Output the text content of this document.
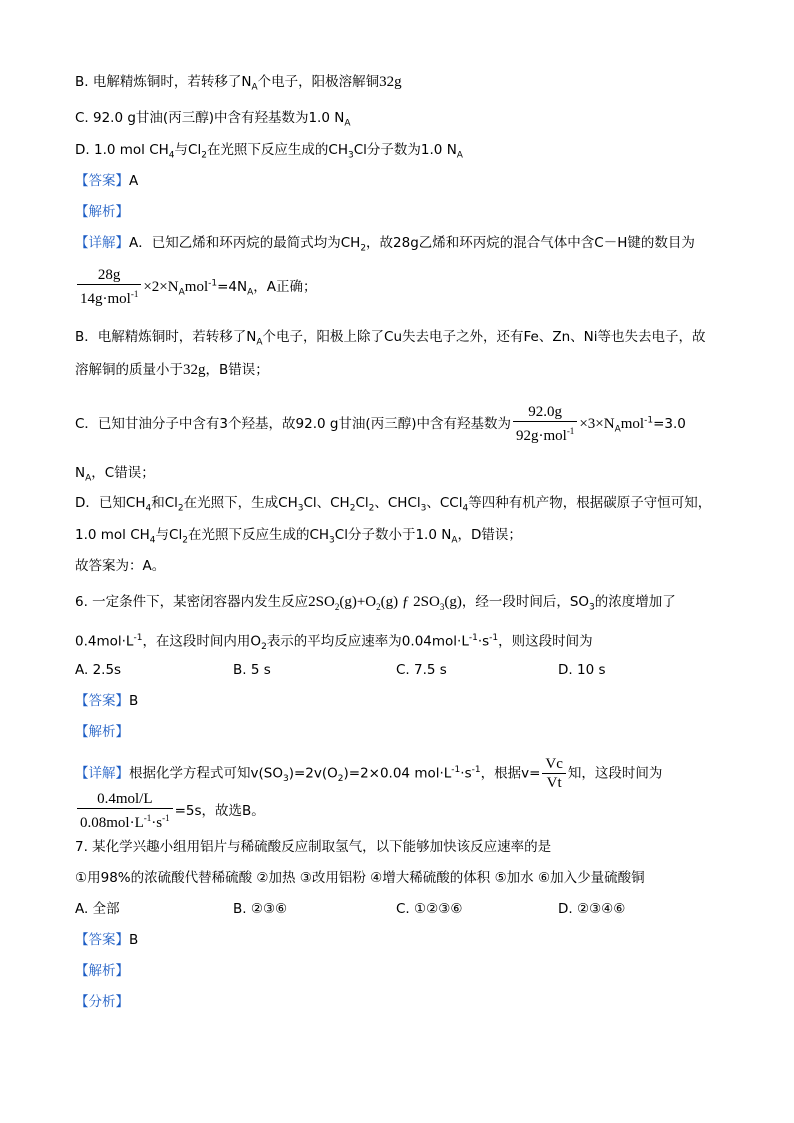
B. 电解精炼铜时，若转移了$N_A$个电子，阳极溶解铜32g
C. 92.0 g甘油(丙三醇)中含有羟基数为1.0 $N_A$
D. 1.0 mol $CH_4$与$Cl_2$在光照下反应生成的$CH_3Cl$分子数为1.0 $N_A$
【答案】A
【解析】
【详解】A．已知乙烯和环丙烷的最简式均为$CH_2$，故28g乙烯和环丙烷的混合气体中含C－H键的数目为
$\frac{28g}{14g\cdot mol^{-1}} \times 2\times N_Amol^{-1}=4N_A$，A正确；
B．电解精炼铜时，若转移了$N_A$个电子，阳极上除了Cu失去电子之外，还有Fe、Zn、Ni等也失去电子，故
溶解铜的质量小于32g，B错误；
C．已知甘油分子中含有3个羟基，故92.0 g甘油(丙三醇)中含有羟基数为 $\frac{92.0g}{92g\cdot mol^{-1}} \times 3\times N_Amol^{-1}=3.0$
$N_A$，C错误；
D．已知$CH_4$和$Cl_2$在光照下，生成$CH_3Cl$、$CH_2Cl_2$、CHCl$_3$、CCl$_4$等四种有机产物，根据碳原子守恒可知，
1.0 mol $CH_4$与$Cl_2$在光照下反应生成的$CH_3Cl$分子数小于1.0 $N_A$，D错误；
故答案为：A。
6. 一定条件下，某密闭容器内发生反应$2SO_2(g)+O_2(g)$ ƒ $2SO_3(g)$，经一段时间后，$SO_3$的浓度增加了
$0.4mol\cdot L^{-1}$，在这段时间内用$O_2$表示的平均反应速率为$0.04mol\cdot L^{-1}\cdot s^{-1}$，则这段时间为
A. 2.5s	B. 5 s	C. 7.5 s	D. 10 s
【答案】B
【解析】
【详解】根据化学方程式可知$v(SO_3)=2v(O_2)=2\times 0.04$ $mol\cdot L^{-1}\cdot s^{-1}$，根据$v= \frac{Vc}{Vt}$ 知，这段时间为
$\frac{\text{0.4mol/L}}{0.08mol\cdot L^{-1}\cdot s^{-1}} =5s$，故选B。
7. 某化学兴趣小组用铝片与稀硫酸反应制取氢气，以下能够加快该反应速率的是
①用98%的浓硫酸代替稀硫酸 ②加热 ③改用铝粉 ④增大稀硫酸的体积 ⑤加水 ⑥加入少量硫酸铜
A. 全部	B. ②③⑥	C. ①②③⑥	D. ②③④⑥
【答案】B
【解析】
【分析】
